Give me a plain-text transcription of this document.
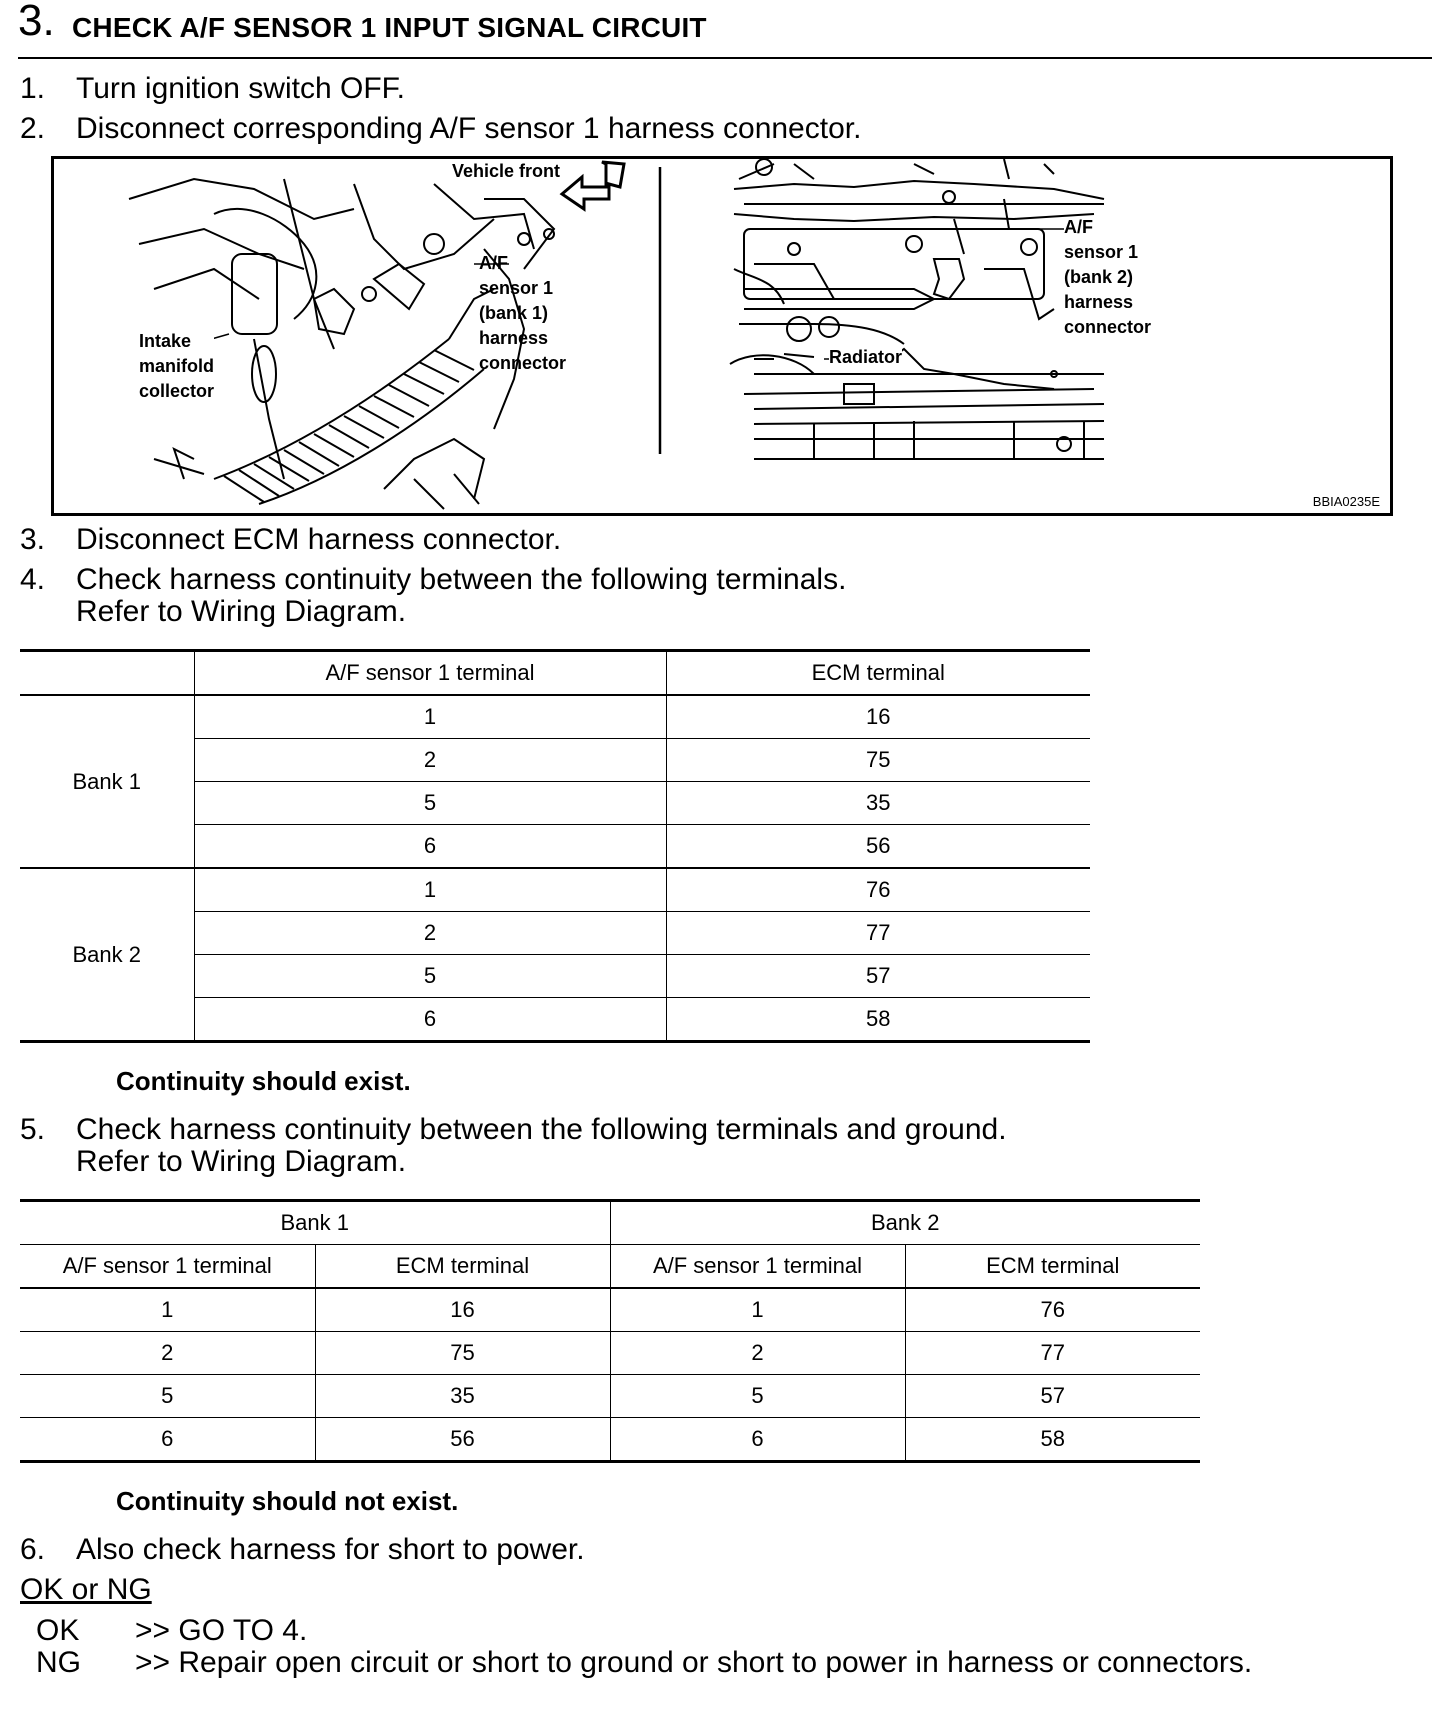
3. CHECK A/F SENSOR 1 INPUT SIGNAL CIRCUIT
1. Turn ignition switch OFF.
2. Disconnect corresponding A/F sensor 1 harness connector.
Vehicle front
A/F
sensor 1
(bank 1)
harness
connector
Intake
manifold
collector
A/F
sensor 1
(bank 2)
harness
connector
Radiator
BBIA0235E
3. Disconnect ECM harness connector.
4. Check harness continuity between the following terminals.
Refer to Wiring Diagram.
	A/F sensor 1 terminal	ECM terminal
Bank 1	1	16
	2	75
	5	35
	6	56
Bank 2	1	76
	2	77
	5	57
	6	58
Continuity should exist.
5. Check harness continuity between the following terminals and ground.
Refer to Wiring Diagram.
Bank 1		Bank 2	
A/F sensor 1 terminal	ECM terminal	A/F sensor 1 terminal	ECM terminal
1	16	1	76
2	75	2	77
5	35	5	57
6	56	6	58
Continuity should not exist.
6. Also check harness for short to power.
OK or NG
OK >> GO TO 4.
NG >> Repair open circuit or short to ground or short to power in harness or connectors.
